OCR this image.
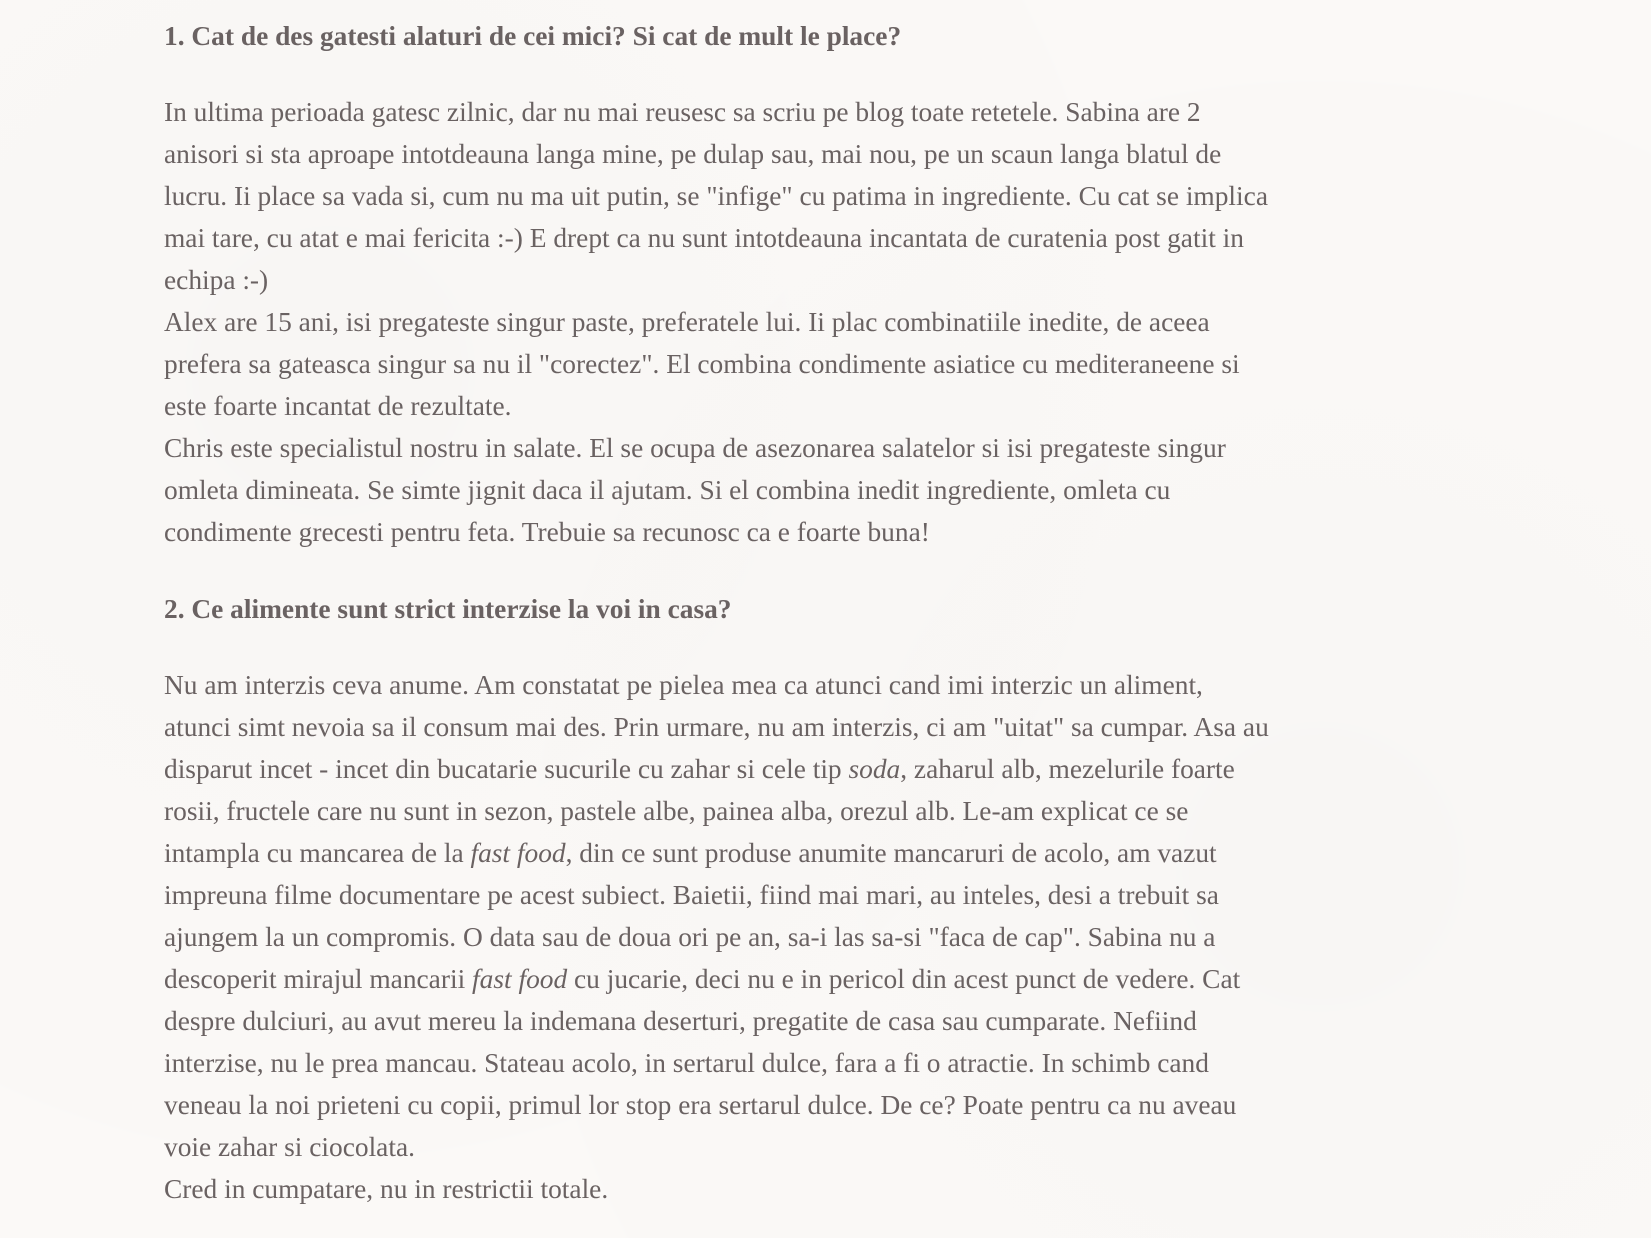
1. Cat de des gatesti alaturi de cei mici? Si cat de mult le place?
In ultima perioada gatesc zilnic, dar nu mai reusesc sa scriu pe blog toate retetele. Sabina are 2
anisori si sta aproape intotdeauna langa mine, pe dulap sau, mai nou, pe un scaun langa blatul de
lucru. Ii place sa vada si, cum nu ma uit putin, se "infige" cu patima in ingrediente. Cu cat se implica
mai tare, cu atat e mai fericita :-) E drept ca nu sunt intotdeauna incantata de curatenia post gatit in
echipa :-)
Alex are 15 ani, isi pregateste singur paste, preferatele lui. Ii plac combinatiile inedite, de aceea
prefera sa gateasca singur sa nu il "corectez". El combina condimente asiatice cu mediteraneene si
este foarte incantat de rezultate.
Chris este specialistul nostru in salate. El se ocupa de asezonarea salatelor si isi pregateste singur
omleta dimineata. Se simte jignit daca il ajutam. Si el combina inedit ingrediente, omleta cu
condimente grecesti pentru feta. Trebuie sa recunosc ca e foarte buna!
2. Ce alimente sunt strict interzise la voi in casa?
Nu am interzis ceva anume. Am constatat pe pielea mea ca atunci cand imi interzic un aliment,
atunci simt nevoia sa il consum mai des. Prin urmare, nu am interzis, ci am "uitat" sa cumpar. Asa au
disparut incet - incet din bucatarie sucurile cu zahar si cele tip soda, zaharul alb, mezelurile foarte
rosii, fructele care nu sunt in sezon, pastele albe, painea alba, orezul alb. Le-am explicat ce se
intampla cu mancarea de la fast food, din ce sunt produse anumite mancaruri de acolo, am vazut
impreuna filme documentare pe acest subiect. Baietii, fiind mai mari, au inteles, desi a trebuit sa
ajungem la un compromis. O data sau de doua ori pe an, sa-i las sa-si "faca de cap". Sabina nu a
descoperit mirajul mancarii fast food cu jucarie, deci nu e in pericol din acest punct de vedere. Cat
despre dulciuri, au avut mereu la indemana deserturi, pregatite de casa sau cumparate. Nefiind
interzise, nu le prea mancau. Stateau acolo, in sertarul dulce, fara a fi o atractie. In schimb cand
veneau la noi prieteni cu copii, primul lor stop era sertarul dulce. De ce? Poate pentru ca nu aveau
voie zahar si ciocolata.
Cred in cumpatare, nu in restrictii totale.
